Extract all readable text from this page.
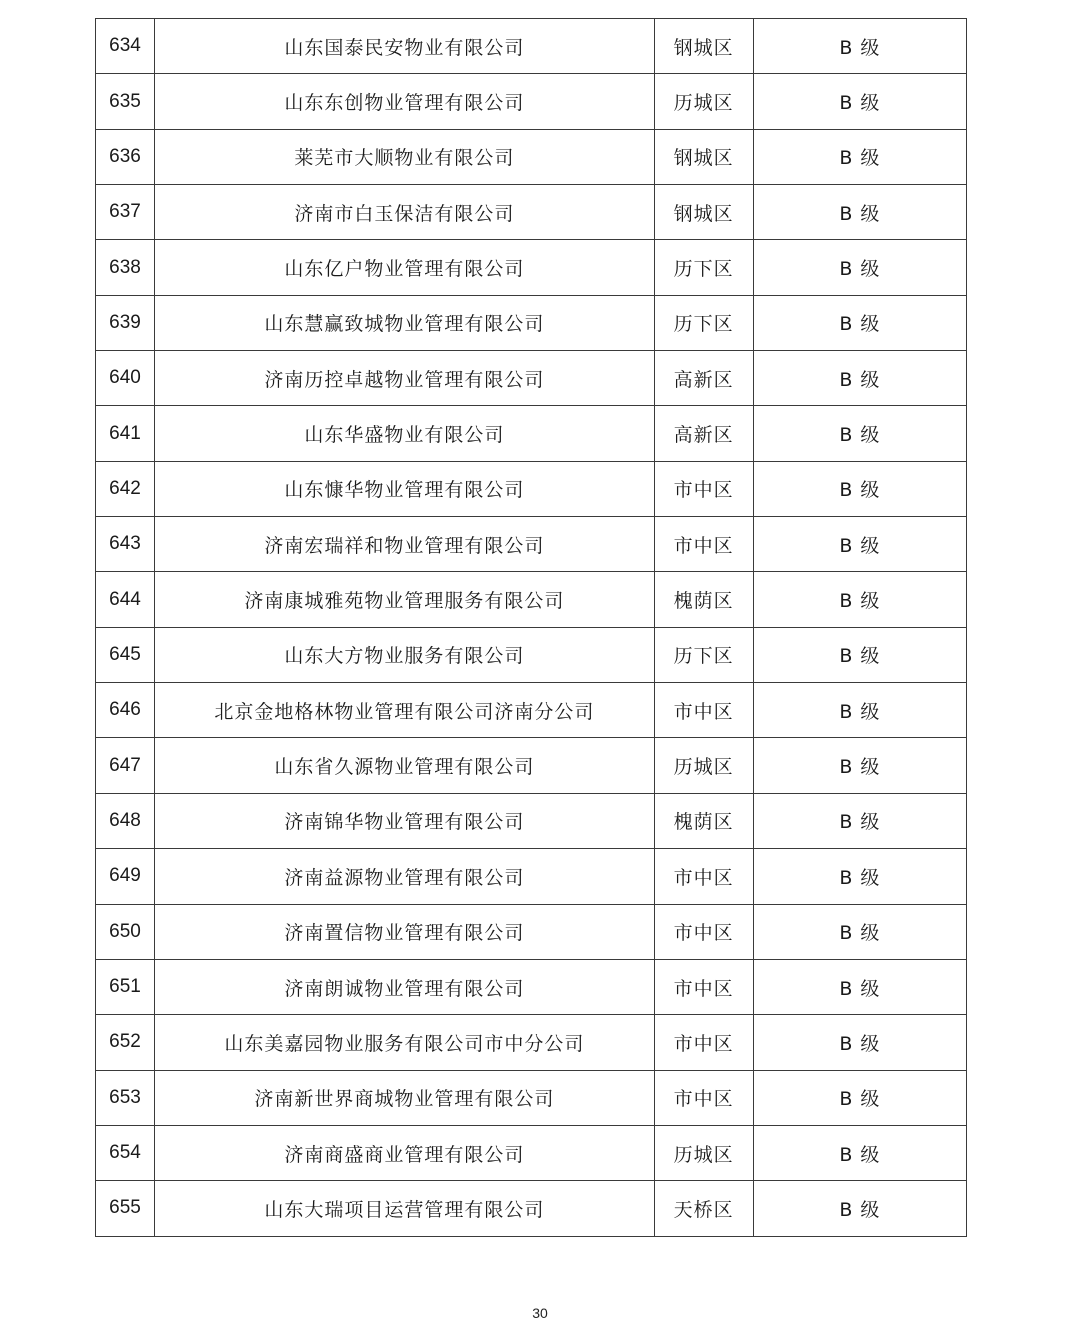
634	山东国泰民安物业有限公司	钢城区	B 级
635	山东东创物业管理有限公司	历城区	B 级
636	莱芜市大顺物业有限公司	钢城区	B 级
637	济南市白玉保洁有限公司	钢城区	B 级
638	山东亿户物业管理有限公司	历下区	B 级
639	山东慧赢致城物业管理有限公司	历下区	B 级
640	济南历控卓越物业管理有限公司	高新区	B 级
641	山东华盛物业有限公司	高新区	B 级
642	山东慷华物业管理有限公司	市中区	B 级
643	济南宏瑞祥和物业管理有限公司	市中区	B 级
644	济南康城雅苑物业管理服务有限公司	槐荫区	B 级
645	山东大方物业服务有限公司	历下区	B 级
646	北京金地格林物业管理有限公司济南分公司	市中区	B 级
647	山东省久源物业管理有限公司	历城区	B 级
648	济南锦华物业管理有限公司	槐荫区	B 级
649	济南益源物业管理有限公司	市中区	B 级
650	济南置信物业管理有限公司	市中区	B 级
651	济南朗诚物业管理有限公司	市中区	B 级
652	山东美嘉园物业服务有限公司市中分公司	市中区	B 级
653	济南新世界商城物业管理有限公司	市中区	B 级
654	济南商盛商业管理有限公司	历城区	B 级
655	山东大瑞项目运营管理有限公司	天桥区	B 级
30
